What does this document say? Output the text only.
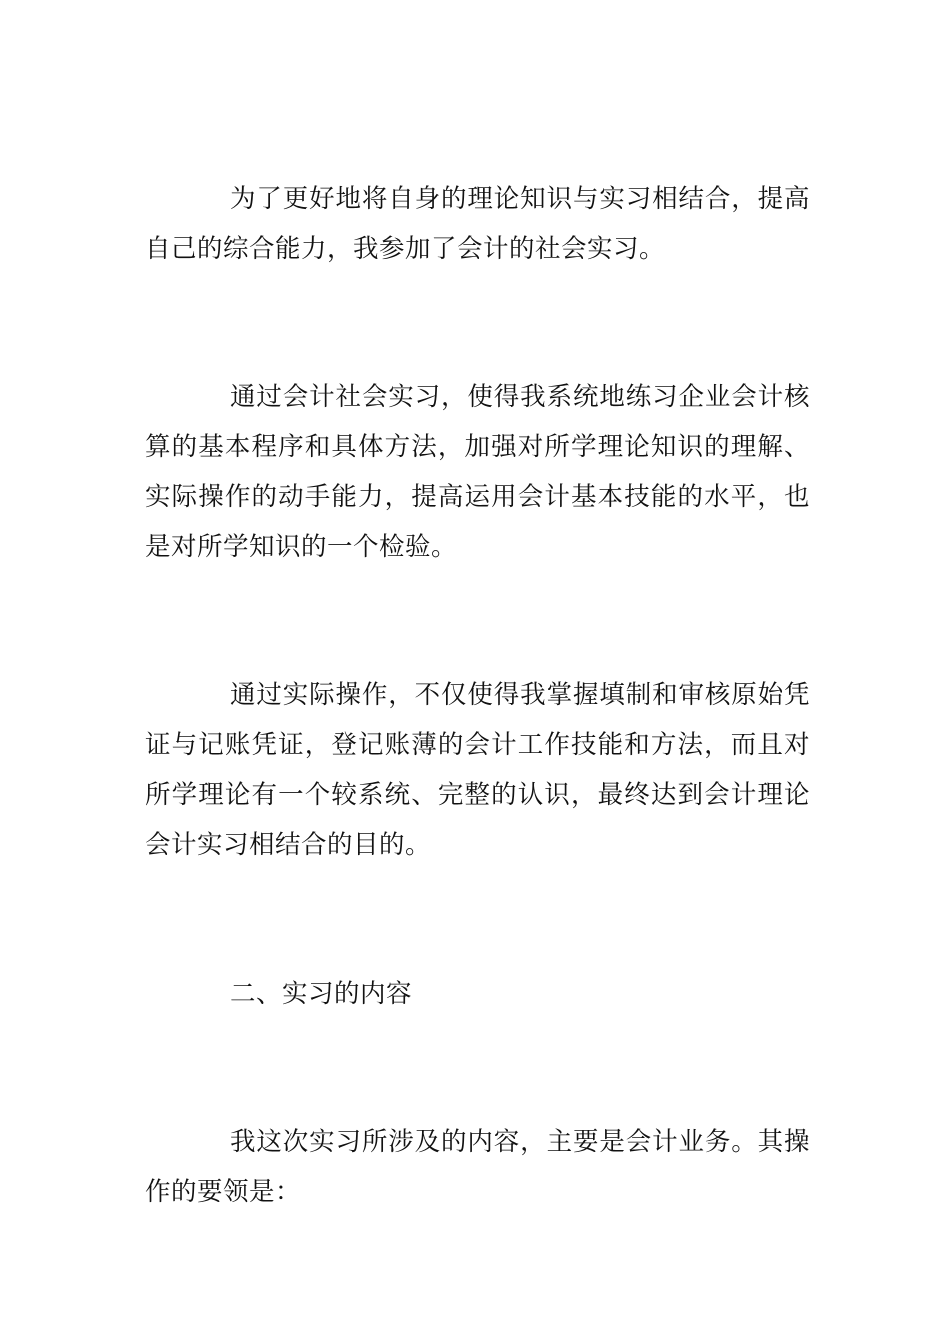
为了更好地将自身的理论知识与实习相结合，提高自己的综合能力，我参加了会计的社会实习。

通过会计社会实习，使得我系统地练习企业会计核算的基本程序和具体方法，加强对所学理论知识的理解、实际操作的动手能力，提高运用会计基本技能的水平，也是对所学知识的一个检验。

通过实际操作，不仅使得我掌握填制和审核原始凭证与记账凭证，登记账薄的会计工作技能和方法，而且对所学理论有一个较系统、完整的认识，最终达到会计理论会计实习相结合的目的。

二、实习的内容

我这次实习所涉及的内容，主要是会计业务。其操作的要领是：
